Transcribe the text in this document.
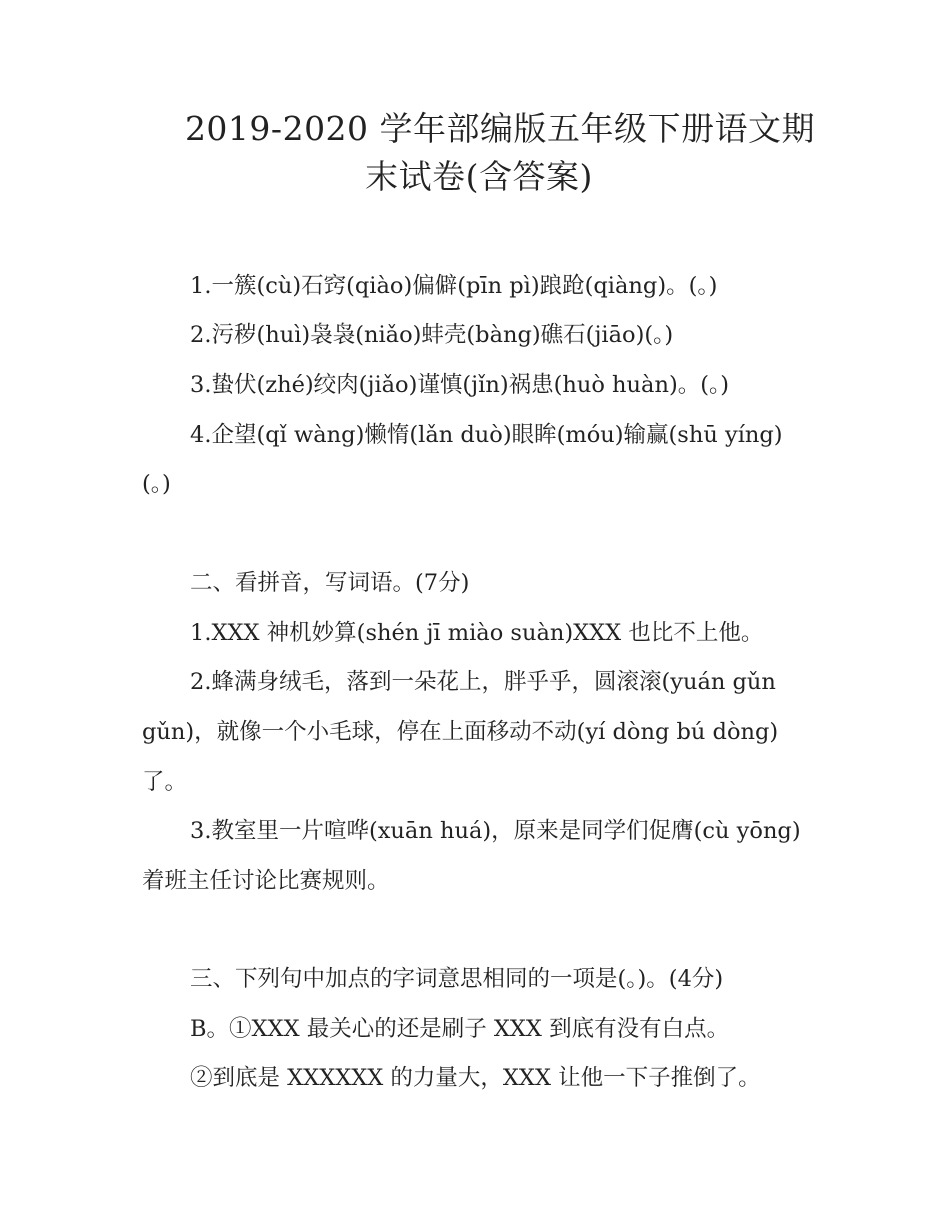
2019-2020 学年部编版五年级下册语文期
末试卷(含答案)
1.一簇(cù)石窍(qiào)偏僻(pīn pì)踉跄(qiàng)。(。)
2.污秽(huì)袅袅(niǎo)蚌壳(bàng)礁石(jiāo)(。)
3.蛰伏(zhé)绞肉(jiǎo)谨慎(jǐn)祸患(huò huàn)。(。)
4.企望(qǐ wàng)懒惰(lǎn duò)眼眸(móu)输赢(shū yíng)
(。)
二、看拼音，写词语。(7分)
1.XXX 神机妙算(shén jī miào suàn)XXX 也比不上他。
2.蜂满身绒毛，落到一朵花上，胖乎乎，圆滚滚(yuán gǔn
gǔn)，就像一个小毛球，停在上面移动不动(yí dòng bú dòng)
了。
3.教室里一片喧哗(xuān huá)，原来是同学们促膺(cù yōng)
着班主任讨论比赛规则。
三、下列句中加点的字词意思相同的一项是(。)。(4分)
B。①XXX 最关心的还是刷子 XXX 到底有没有白点。
②到底是 XXXXXX 的力量大，XXX 让他一下子推倒了。
